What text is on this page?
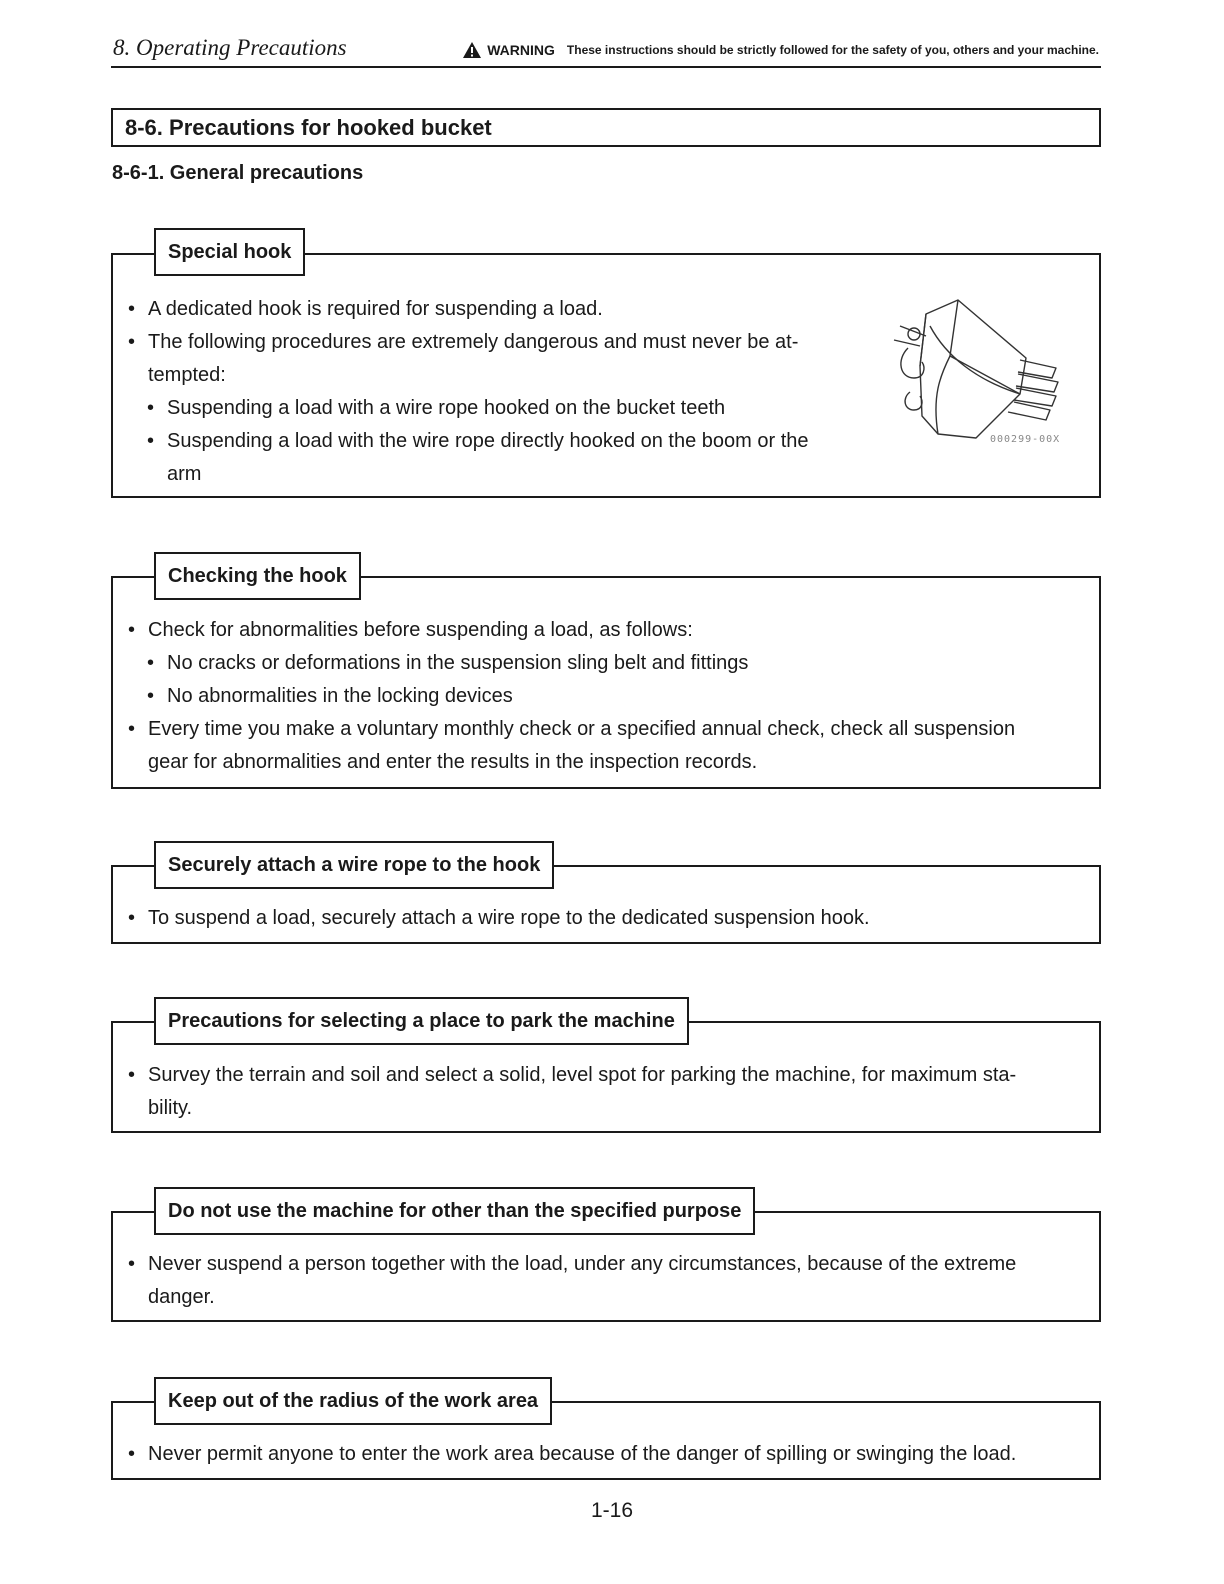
8. Operating Precautions	WARNING These instructions should be strictly followed for the safety of you, others and your machine.
8-6. Precautions for hooked bucket
8-6-1. General precautions
Special hook
• A dedicated hook is required for suspending a load.
• The following procedures are extremely dangerous and must never be at-
tempted:
• Suspending a load with a wire rope hooked on the bucket teeth
• Suspending a load with the wire rope directly hooked on the boom or the
arm
000299-00X
Checking the hook
• Check for abnormalities before suspending a load, as follows:
• No cracks or deformations in the suspension sling belt and fittings
• No abnormalities in the locking devices
• Every time you make a voluntary monthly check or a specified annual check, check all suspension
gear for abnormalities and enter the results in the inspection records.
Securely attach a wire rope to the hook
• To suspend a load, securely attach a wire rope to the dedicated suspension hook.
Precautions for selecting a place to park the machine
• Survey the terrain and soil and select a solid, level spot for parking the machine, for maximum sta-
bility.
Do not use the machine for other than the specified purpose
• Never suspend a person together with the load, under any circumstances, because of the extreme
danger.
Keep out of the radius of the work area
• Never permit anyone to enter the work area because of the danger of spilling or swinging the load.
1-16
